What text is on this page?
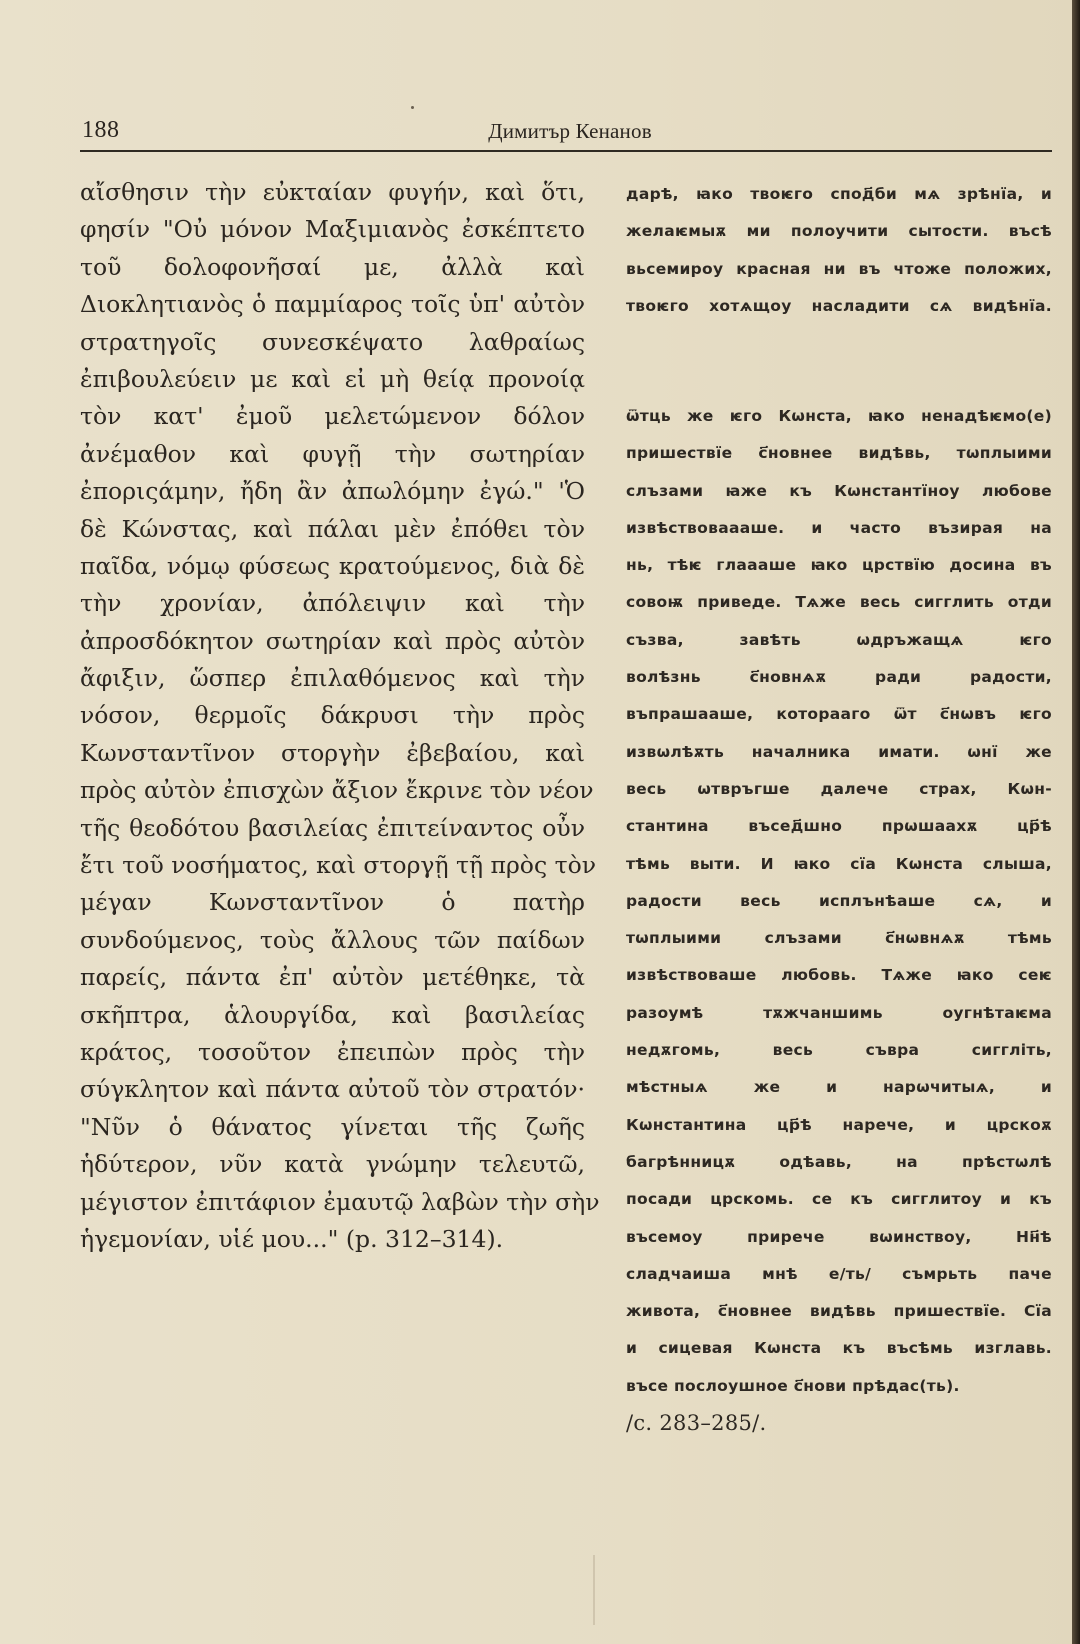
188	Димитър Кенанов
αἴσθησιν τὴν εὐκταίαν φυγήν, καὶ ὅτι,
φησίν "Οὐ μόνον Μαξιμιανὸς ἐσκέπτετο
τοῦ δολοφονῆσαί με, ἀλλὰ καὶ
Διοκλητιανὸς ὁ παμμίαρος τοῖς ὑπ' αὐτὸν
στρατηγοῖς συνεσκέψατο λαθραίως
ἐπιβουλεύειν με καὶ εἰ μὴ θείᾳ προνοίᾳ
τὸν κατ' ἐμοῦ μελετώμενον δόλον
ἀνέμαθον καὶ φυγῇ τὴν σωτηρίαν
ἐποριςάμην, ἤδη ἂν ἀπωλόμην ἐγώ." 'Ὁ
δὲ Κώνστας, καὶ πάλαι μὲν ἐπόθει τὸν
παῖδα, νόμῳ φύσεως κρατούμενος, διὰ δὲ
τὴν χρονίαν, ἀπόλειψιν καὶ τὴν
ἀπροσδόκητον σωτηρίαν καὶ πρὸς αὐτὸν
ἄφιξιν, ὥσπερ ἐπιλαθόμενος καὶ τὴν
νόσον, θερμοῖς δάκρυσι τὴν πρὸς
Κωνσταντῖνον στοργὴν ἐβεβαίου, καὶ
πρὸς αὐτὸν ἐπισχὼν ἄξιον ἔκρινε τὸν νέον
τῆς θεοδότου βασιλείας ἐπιτείναντος οὖν
ἔτι τοῦ νοσήματος, καὶ στοργῇ τῇ πρὸς τὸν
μέγαν Κωνσταντῖνον ὁ πατὴρ
συνδούμενος, τοὺς ἄλλους τῶν παίδων
παρείς, πάντα ἐπ' αὐτὸν μετέθηκε, τὰ
σκῆπτρα, ἁλουργίδα, καὶ βασιλείας
κράτος, τοσοῦτον ἐπειπὼν πρὸς τὴν
σύγκλητον καὶ πάντα αὐτοῦ τὸν στρατόν·
"Νῦν ὁ θάνατος γίνεται τῆς ζωῆς
ἡδύτερον, νῦν κατὰ γνώμην τελευτῶ,
μέγιστον ἐπιτάφιον ἐμαυτῷ λαβὼν τὴν σὴν
ἡγεμονίαν, υἱέ μου..." (p. 312–314).
дарѣ, ꙗко твоѥго спод҃би мѧ зрѣнїа, и
желаѥмыѫ ми полоучити сытости. въсѣ
вьсемироу красная ни въ чтоже положих,
твоѥго хотѧщоу насладити сѧ видѣнїа.
ѿтць же ѥго Кѡнста, ꙗко ненадѣѥмо(е)
пришествїе с҃новнее видѣвь, тѡплыими
слъзами ꙗже къ Кѡнстантїноу любове
извѣствоваааше. и часто възирая на
нь, тѣѥ глаааше ꙗко црствїю досина въ
совоѭ приведе. Тѧже весь сигглить отди
съзва, завѣть ѡдръжащѧ ѥго
волѣзнь с҃новнѧѫ ради радости,
въпрашааше, которааго ѿт с҃нѡвъ ѥго
извѡлѣѫть началника имати. ѡнї же
весь ѡтвръгше далече страх, Кѡн-
стантина въсед҃шно прѡшаахѫ цр҃ѣ
тѣмь выти. И ꙗко сїа Кѡнста слыша,
радости весь исплънѣаше сѧ, и
тѡплыими слъзами с҃нѡвнѧѫ тѣмь
извѣствоваше любовь. Тѧже ꙗко сеѥ
разоумѣ тѫжчаншимь оугнѣтаѥма
недѫгомь, весь съвра сиггліть,
мѣстныѧ же и нарѡчитыѧ, и
Кѡнстантина цр҃ѣ наречe, и црскоѫ
багрѣнницѫ одѣавь, на прѣстѡлѣ
посади црскомь. се къ сигглитоу и къ
въсемоу приречe вѡинствоу, Нн҃ѣ
сладчаиша мнѣ е/ть/ съмрьть паче
живота, с҃новнее видѣвь пришествїе. Сїа
и сицевая Кѡнста къ въсѣмь изглавь.
въсе послоушное с҃нови прѣдас(ть).
/с. 283–285/.
